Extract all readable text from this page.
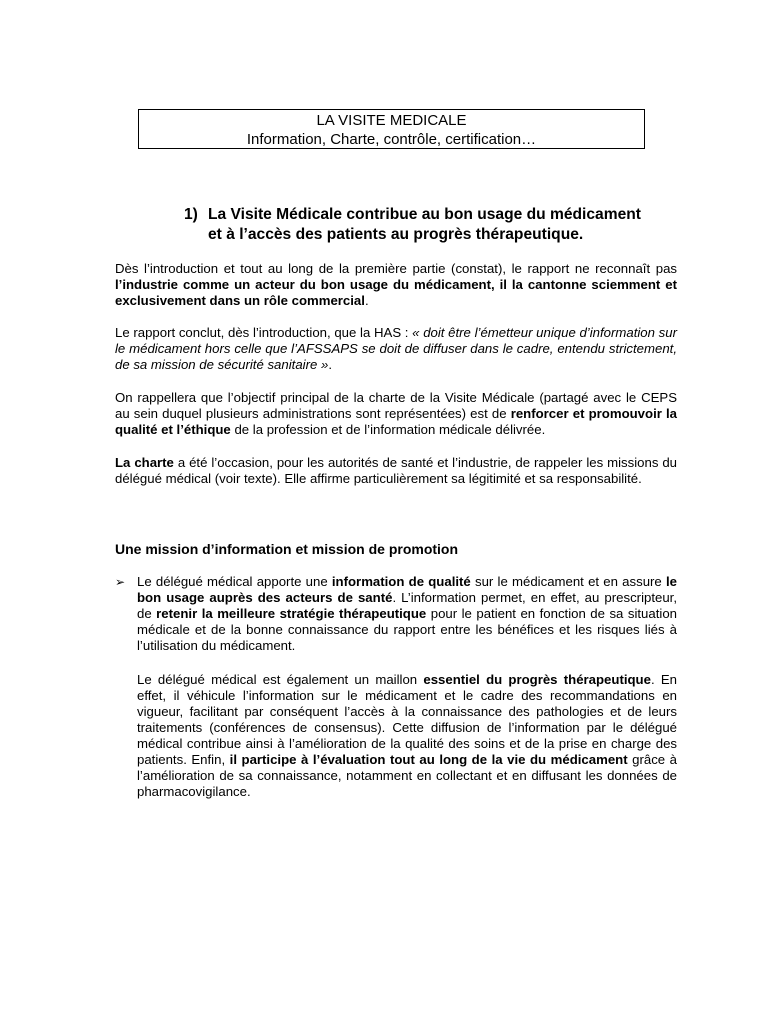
LA VISITE MEDICALE
Information, Charte, contrôle, certification…
1) La Visite Médicale contribue au bon usage du médicament
et à l’accès des patients au progrès thérapeutique.
Dès l’introduction et tout au long de la première partie (constat), le rapport ne reconnaît pas l’industrie comme un acteur du bon usage du médicament, il la cantonne sciemment et exclusivement dans un rôle commercial.
Le rapport conclut, dès l’introduction, que la HAS : « doit être l’émetteur unique d’information sur le médicament hors celle que l’AFSSAPS se doit de diffuser dans le cadre, entendu strictement, de sa mission de sécurité sanitaire ».
On rappellera que l’objectif principal de la charte de la Visite Médicale (partagé avec le CEPS au sein duquel plusieurs administrations sont représentées) est de renforcer et promouvoir la qualité et l’éthique de la profession et de l’information médicale délivrée.
La charte a été l’occasion, pour les autorités de santé et l’industrie, de rappeler les missions du délégué médical (voir texte). Elle affirme particulièrement sa légitimité et sa responsabilité.
Une mission d’information et mission de promotion
➢ Le délégué médical apporte une information de qualité sur le médicament et en assure le bon usage auprès des acteurs de santé. L’information permet, en effet, au prescripteur, de retenir la meilleure stratégie thérapeutique pour le patient en fonction de sa situation médicale et de la bonne connaissance du rapport entre les bénéfices et les risques liés à l’utilisation du médicament.
Le délégué médical est également un maillon essentiel du progrès thérapeutique. En effet, il véhicule l’information sur le médicament et le cadre des recommandations en vigueur, facilitant par conséquent l’accès à la connaissance des pathologies et de leurs traitements (conférences de consensus). Cette diffusion de l’information par le délégué médical contribue ainsi à l’amélioration de la qualité des soins et de la prise en charge des patients. Enfin, il participe à l’évaluation tout au long de la vie du médicament grâce à l’amélioration de sa connaissance, notamment en collectant et en diffusant les données de pharmacovigilance.
